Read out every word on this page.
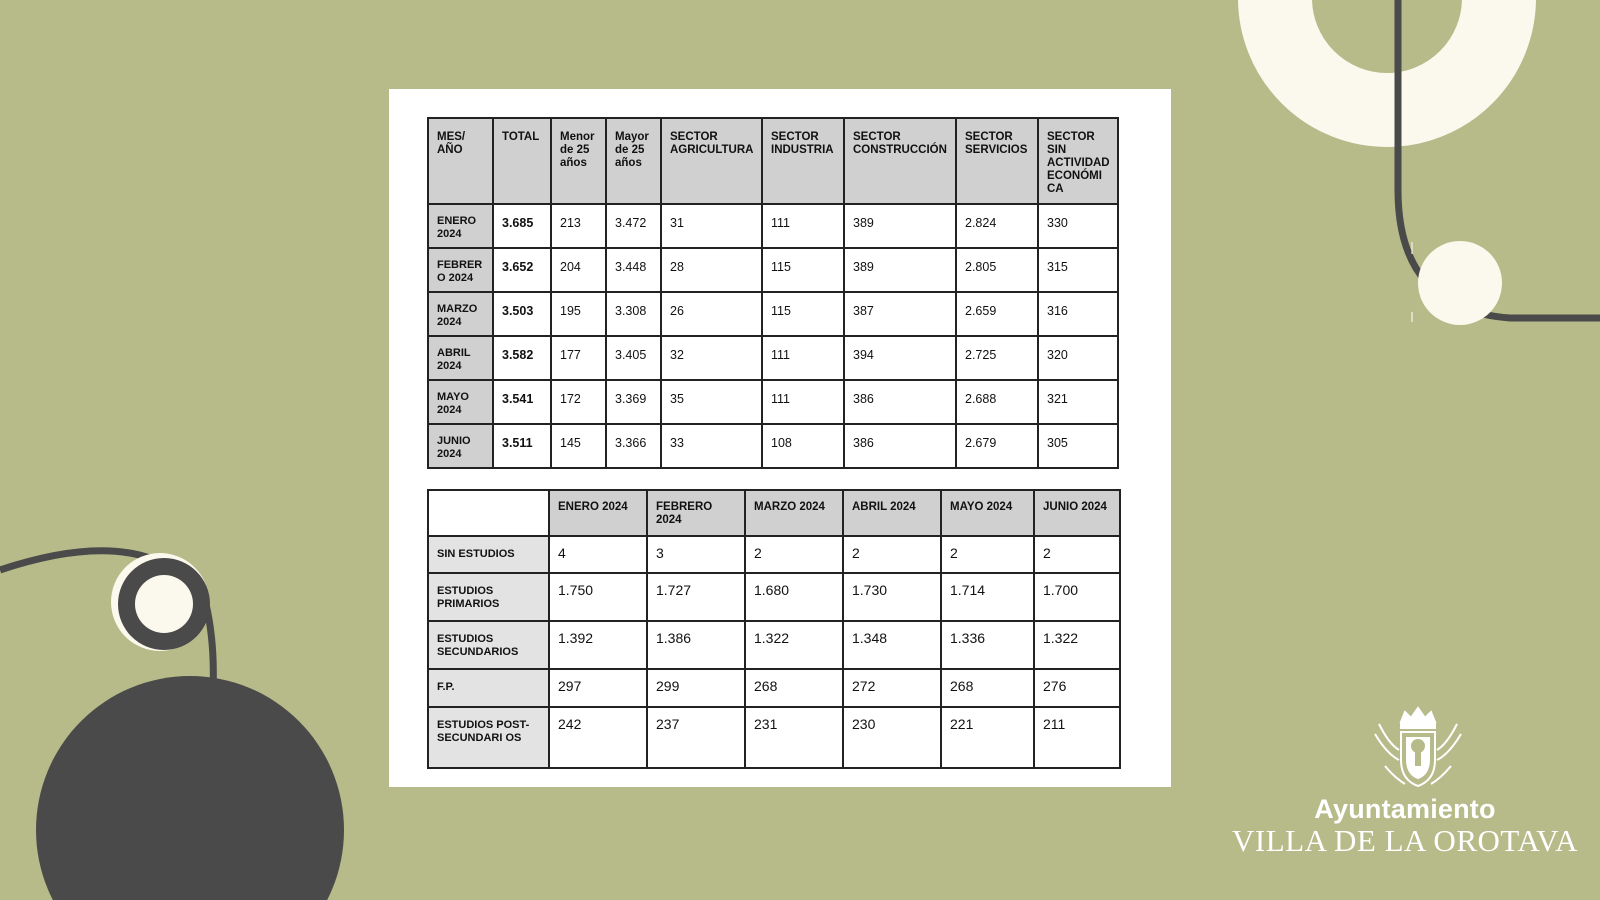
MES/ AÑO	TOTAL	Menor de 25 años	Mayor de 25 años	SECTOR AGRICULTURA	SECTOR INDUSTRIA	SECTOR CONSTRUCCIÓN	SECTOR SERVICIOS	SECTOR SIN ACTIVIDAD ECONÓMI CA
ENERO 2024	3.685	213	3.472	31	111	389	2.824	330
FEBRER O 2024	3.652	204	3.448	28	115	389	2.805	315
MARZO 2024	3.503	195	3.308	26	115	387	2.659	316
ABRIL 2024	3.582	177	3.405	32	111	394	2.725	320
MAYO 2024	3.541	172	3.369	35	111	386	2.688	321
JUNIO 2024	3.511	145	3.366	33	108	386	2.679	305
	ENERO 2024	FEBRERO 2024	MARZO 2024	ABRIL 2024	MAYO 2024	JUNIO 2024
SIN ESTUDIOS	4	3	2	2	2	2
ESTUDIOS PRIMARIOS	1.750	1.727	1.680	1.730	1.714	1.700
ESTUDIOS SECUNDARIOS	1.392	1.386	1.322	1.348	1.336	1.322
F.P.	297	299	268	272	268	276
ESTUDIOS POST-SECUNDARI OS	242	237	231	230	221	211
Ayuntamiento
VILLA DE LA OROTAVA
